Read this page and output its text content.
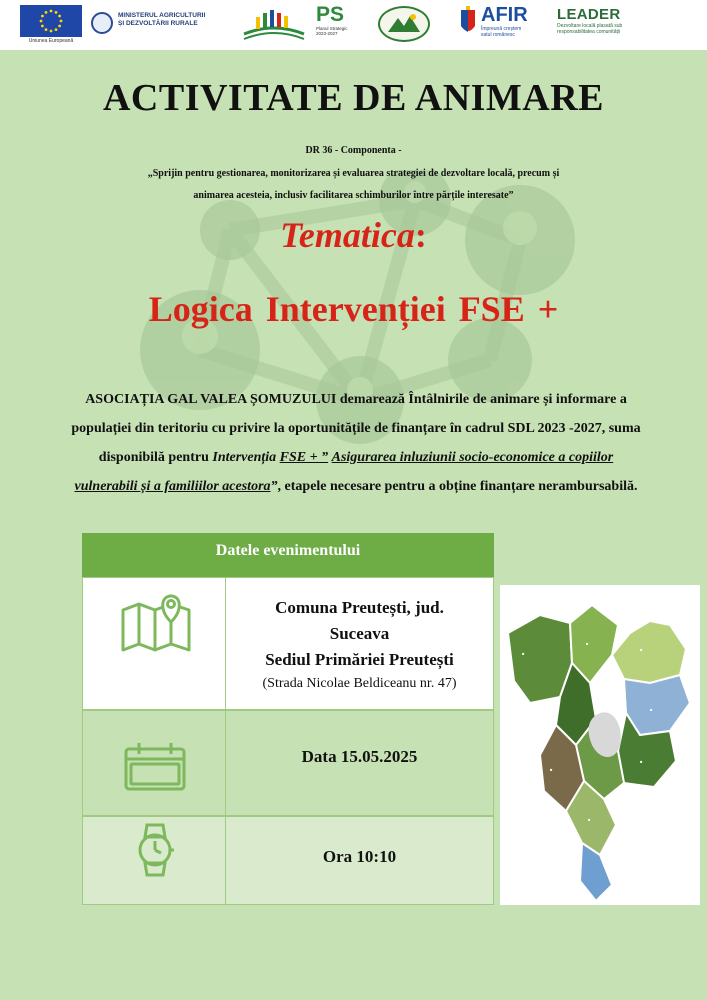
Uniunea Europeană
MINISTERUL AGRICULTURII
ȘI DEZVOLTĂRII RURALE	PS
Planul Strategic
2023-2027
AFIR
Împreună creștem
satul românesc
LEADER
Dezvoltare locală plasată sub
responsabilitatea comunității
ACTIVITATE DE ANIMARE
DR 36 - Componenta -
„Sprijin pentru gestionarea, monitorizarea și evaluarea strategiei de dezvoltare locală, precum și
animarea acesteia, inclusiv facilitarea schimburilor între părțile interesate”
Tematica:
Logica Intervenției FSE +
ASOCIAȚIA GAL VALEA ȘOMUZULUI demarează Întâlnirile de animare și informare a populației din teritoriu cu privire la oportunitățile de finanțare în cadrul SDL 2023 -2027, suma disponibilă pentru Intervenția FSE + ” Asigurarea inluziunii socio-economice a copiilor vulnerabili și a familiilor acestora”, etapele necesare pentru a obține finanțare nerambursabilă.
Datele evenimentului
Comuna Preutești, jud.
Suceava
Sediul Primăriei Preutești
(Strada Nicolae Beldiceanu nr. 47)
Data 15.05.2025
Ora 10:10
■
■
■
■
■
■
■
